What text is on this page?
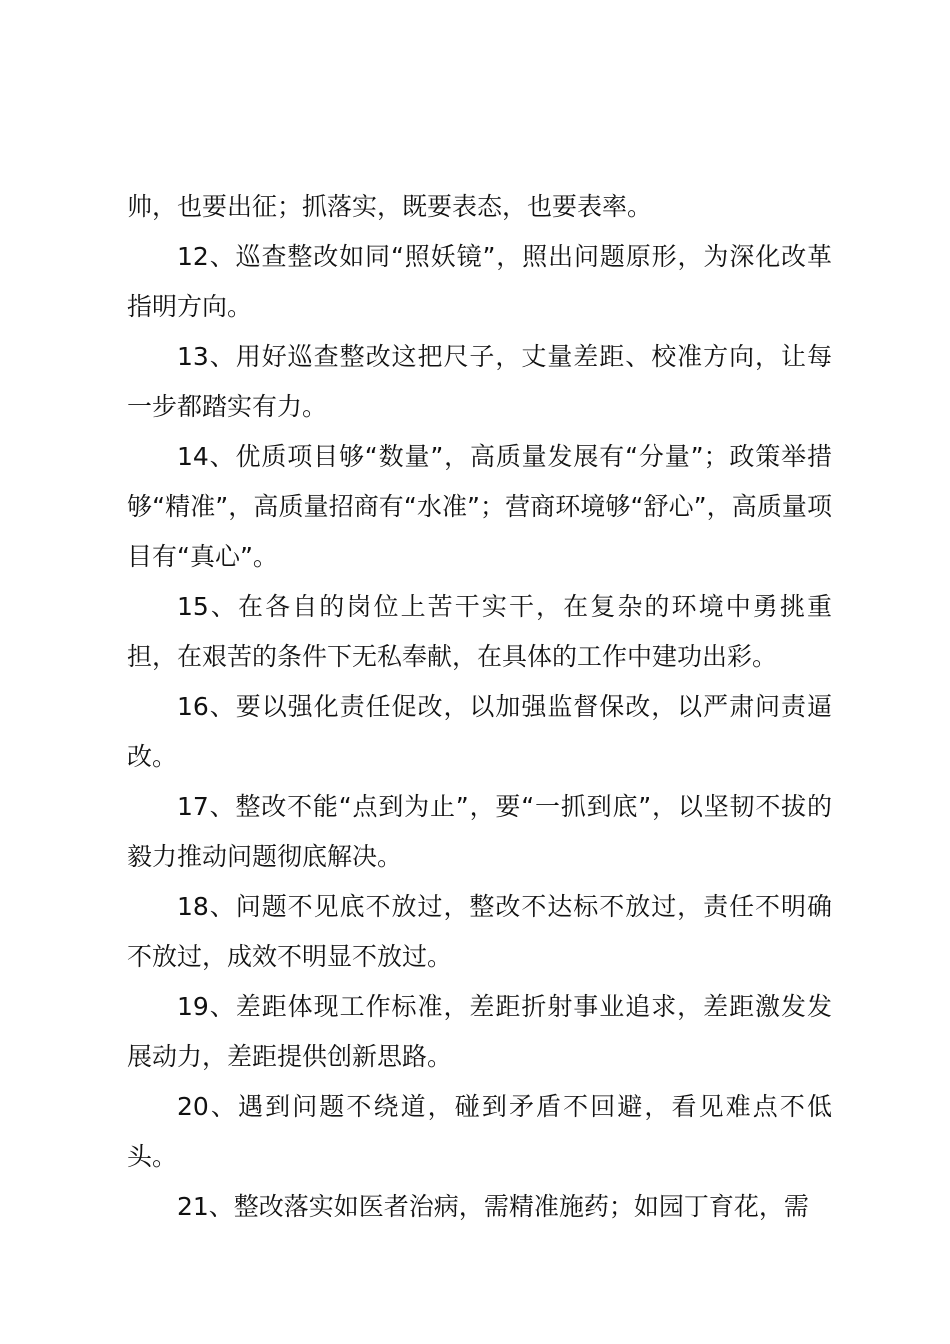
帅，也要出征；抓落实，既要表态，也要表率。

12、巡查整改如同“照妖镜”，照出问题原形，为深化改革指明方向。

13、用好巡查整改这把尺子，丈量差距、校准方向，让每一步都踏实有力。

14、优质项目够“数量”，高质量发展有“分量”；政策举措够“精准”，高质量招商有“水准”；营商环境够“舒心”，高质量项目有“真心”。

15、在各自的岗位上苦干实干，在复杂的环境中勇挑重担，在艰苦的条件下无私奉献，在具体的工作中建功出彩。

16、要以强化责任促改，以加强监督保改，以严肃问责逼改。

17、整改不能“点到为止”，要“一抓到底”，以坚韧不拔的毅力推动问题彻底解决。

18、问题不见底不放过，整改不达标不放过，责任不明确不放过，成效不明显不放过。

19、差距体现工作标准，差距折射事业追求，差距激发发展动力，差距提供创新思路。

20、遇到问题不绕道，碰到矛盾不回避，看见难点不低头。

21、整改落实如医者治病，需精准施药；如园丁育花，需
